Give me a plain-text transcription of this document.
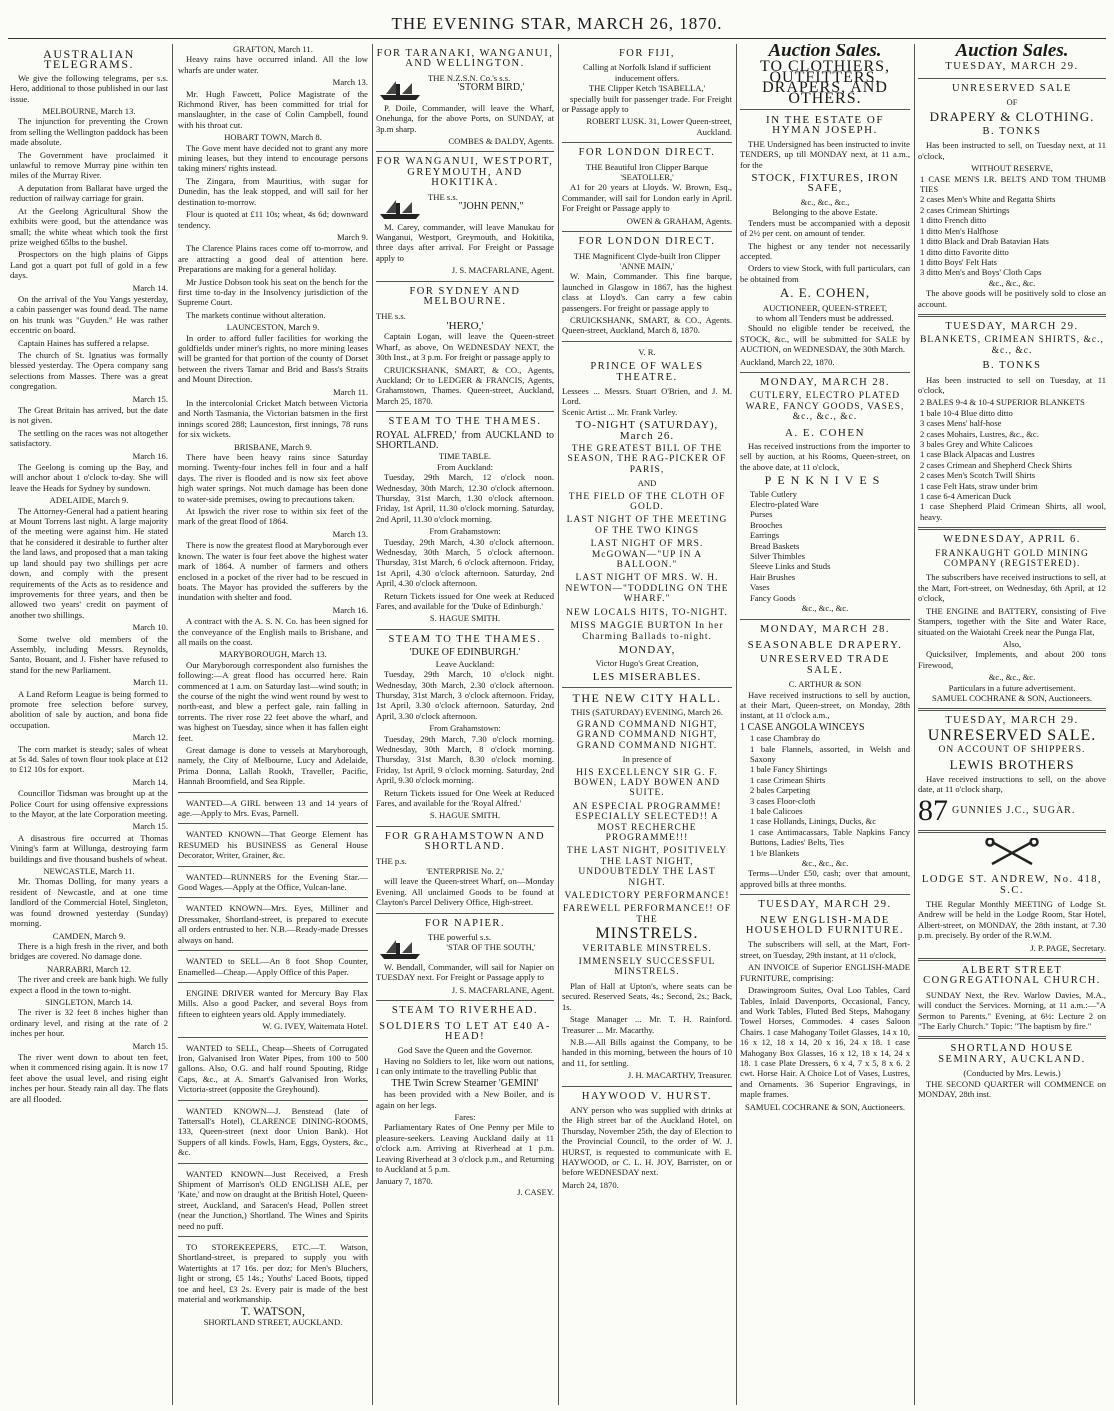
THE EVENING STAR, MARCH 26, 1870.
AUSTRALIAN TELEGRAMS.

We give the following telegrams, per s.s. Hero, additional to those published in our last issue.

MELBOURNE, March 13.

The injunction for preventing the Crown from selling the Wellington paddock has been made absolute.

The Government have proclaimed it unlawful to remove Murray pine within ten miles of the Murray River.

A deputation from Ballarat have urged the reduction of railway carriage for grain.

At the Geelong Agricultural Show the exhibits were good, but the attendance was small; the white wheat which took the first prize weighed 65lbs to the bushel.

Prospectors on the high plains of Gipps Land got a quart pot full of gold in a few days.

March 14.

On the arrival of the You Yangs yesterday, a cabin passenger was found dead. The name on his trunk was "Guyden." He was rather eccentric on board.

Captain Haines has suffered a relapse.

The church of St. Ignatius was formally blessed yesterday. The Opera company sang selections from Masses. There was a great congregation.

March 15.

The Great Britain has arrived, but the date is not given.

The settling on the races was not altogether satisfactory.

March 16.

The Geelong is coming up the Bay, and will anchor about 1 o'clock to-day. She will leave the Heads for Sydney by sundown.

ADELAIDE, March 9.

The Attorney-General had a patient hearing at Mount Torrens last night. A large majority of the meeting were against him. He stated that he considered it desirable to further alter the land laws, and proposed that a man taking up land should pay two shillings per acre down, and comply with the present requirements of the Acts as to residence and improvements for three years, and then be allowed two years' credit on payment of another two shillings.

March 10.

Some twelve old members of the Assembly, including Messrs. Reynolds, Santo, Bouant, and J. Fisher have refused to stand for the new Parliament.

March 11.

A Land Reform League is being formed to promote free selection before survey, abolition of sale by auction, and bona fide occupation.

March 12.

The corn market is steady; sales of wheat at 5s 4d. Sales of town flour took place at £12 to £12 10s for export.

March 14.

Councillor Tidsman was brought up at the Police Court for using offensive expressions to the Mayor, at the late Corporation meeting.

March 15.

A disastrous fire occurred at Thomas Vining's farm at Willunga, destroying farm buildings and five thousand bushels of wheat.

NEWCASTLE, March 11.

Mr. Thomas Dolling, for many years a resident of Newcastle, and at one time landlord of the Commercial Hotel, Singleton, was found drowned yesterday (Sunday) morning.

CAMDEN, March 9.

There is a high fresh in the river, and both bridges are covered. No damage done.

NARRABRI, March 12.

The river and creek are bank high. We fully expect a flood in the town to-night.

SINGLETON, March 14.

The river is 32 feet 8 inches higher than ordinary level, and rising at the rate of 2 inches per hour.

March 15.

The river went down to about ten feet, when it commenced rising again. It is now 17 feet above the usual level, and rising eight inches per hour. Steady rain all day. The flats are all flooded.

GRAFTON, March 11.

Heavy rains have occurred inland. All the low wharfs are under water.

March 13.

Mr. Hugh Fawcett, Police Magistrate of the Richmond River, has been committed for trial for manslaughter, in the case of Colin Campbell, found with his throat cut.

HOBART TOWN, March 8.

The Gove ment have decided not to grant any more mining leases, but they intend to encourage persons taking miners' rights instead.

The Zingara, from Mauritius, with sugar for Dunedin, has the leak stopped, and will sail for her destination to-morrow.

Flour is quoted at £11 10s; wheat, 4s 6d; downward tendency.

March 9.

The Clarence Plains races come off to-morrow, and are attracting a good deal of attention here. Preparations are making for a general holiday.

Mr Justice Dobson took his seat on the bench for the first time to-day in the Insolvency jurisdiction of the Supreme Court.

The markets continue without alteration.

LAUNCESTON, March 9.

In order to afford fuller facilities for working the goldfields under miner's rights, no more mining leases will be granted for that portion of the county of Dorset between the rivers Tamar and Brid and Bass's Straits and Mount Direction.

March 11.

In the intercolonial Cricket Match between Victoria and North Tasmania, the Victorian batsmen in the first innings scored 288; Launceston, first innings, 78 runs for six wickets.

BRISBANE, March 9.

There have been heavy rains since Saturday morning. Twenty-four inches fell in four and a half days. The river is flooded and is now six feet above high water springs. Not much damage has been done to water-side premises, owing to precautions taken.

At Ipswich the river rose to within six feet of the mark of the great flood of 1864.

March 13.

There is now the greatest flood at Maryborough ever known. The water is four feet above the highest water mark of 1864. A number of farmers and others enclosed in a pocket of the river had to be rescued in boats. The Mayor has provided the sufferers by the inundation with shelter and food.

March 16.

A contract with the A. S. N. Co. has been signed for the conveyance of the English mails to Brisbane, and all mails on the coast.

MARYBOROUGH, March 13.

Our Maryborough correspondent also furnishes the following:—A great flood has occurred here. Rain commenced at 1 a.m. on Saturday last—wind south; in the course of the night the wind went round by west to north-east, and blew a perfect gale, rain falling in torrents. The river rose 22 feet above the wharf, and was highest on Tuesday, since when it has fallen eight feet.

Great damage is done to vessels at Maryborough, namely, the City of Melbourne, Lucy and Adelaide, Prima Donna, Lallah Rookh, Traveller, Pacific, Hannah Broomfield, and Sea Ripple.

WANTED—A GIRL between 13 and 14 years of age.—Apply to Mrs. Evas, Parnell.

WANTED KNOWN—That George Element has RESUMED his BUSINESS as General House Decorator, Writer, Grainer, &c.

WANTED—RUNNERS for the Evening Star.—Good Wages.—Apply at the Office, Vulcan-lane.

WANTED KNOWN—Mrs. Eyes, Milliner and Dressmaker, Shortland-street, is prepared to execute all orders entrusted to her. N.B.—Ready-made Dresses always on hand.

WANTED to SELL—An 8 foot Shop Counter, Enamelled—Cheap.—Apply Office of this Paper.

ENGINE DRIVER wanted for Mercury Bay Flax Mills. Also a good Packer, and several Boys from fifteen to eighteen years old. Apply immediately.

W. G. IVEY, Waitemata Hotel.

WANTED to SELL, Cheap—Sheets of Corrugated Iron, Galvanised Iron Water Pipes, from 100 to 500 gallons. Also, O.G. and half round Spouting, Ridge Caps, &c., at A. Smart's Galvanised Iron Works, Victoria-street (opposite the Greyhound).

WANTED KNOWN—J. Benstead (late of Tattersall's Hotel), CLARENCE DINING-ROOMS, 133, Queen-street (next door Union Bank). Hot Suppers of all kinds. Fowls, Ham, Eggs, Oysters, &c., &c.

WANTED KNOWN—Just Received, a Fresh Shipment of Marrison's OLD ENGLISH ALE, per 'Kate,' and now on draught at the British Hotel, Queen-street, Auckland, and Saracen's Head, Pollen street (near the Junction,) Shortland. The Wines and Spirits need no puff.

TO STOREKEEPERS, ETC.—T. Watson, Shortland-street, is prepared to supply you with Watertights at 17 16s. per doz; for Men's Bluchers, light or strong, £5 14s.; Youths' Laced Boots, tipped toe and heel, £3 2s. Every pair is made of the best material and workmanship.

T. WATSON,
SHORTLAND STREET, AUCKLAND.
FOR TARANAKI, WANGANUI, AND WELLINGTON.
THE N.Z.S.N. Co.'s s.s.
'STORM BIRD,'

P. Doile, Commander, will leave the Wharf, Onehunga, for the above Ports, on SUNDAY, at 3p.m sharp.

COMBES & DALDY, Agents.
FOR WANGANUI, WESTPORT, GREYMOUTH, AND HOKITIKA.
THE s.s.
"JOHN PENN,"

M. Carey, commander, will leave Manukau for Wanganui, Westport, Greymouth, and Hokitika, three days after arrival. For Freight or Passage apply to

J. S. MACFARLANE, Agent.
FOR SYDNEY AND MELBOURNE.
THE s.s.
'HERO,'

Captain Logan, will leave the Queen-street Wharf, as above, On WEDNESDAY NEXT, the 30th Inst., at 3 p.m. For freight or passage apply to

CRUICKSHANK, SMART, & CO., Agents, Auckland; Or to LEDGER & FRANCIS, Agents, Grahamstown, Thames. Queen-street, Auckland, March 25, 1870.

STEAM TO THE THAMES.
ROYAL ALFRED,' from AUCKLAND to SHORTLAND.
TIME TABLE.
From Auckland:

Tuesday, 29th March, 12 o'clock noon. Wednesday, 30th March, 12.30 o'clock afternoon. Thursday, 31st March, 1.30 o'clock afternoon. Friday, 1st April, 11.30 o'clock morning. Saturday, 2nd April, 11.30 o'clock morning.

From Grahamstown:

Tuesday, 29th March, 4.30 o'clock afternoon. Wednesday, 30th March, 5 o'clock afternoon. Thursday, 31st March, 6 o'clock afternoon. Friday, 1st April, 4.30 o'clock afternoon. Saturday, 2nd April, 4.30 o'clock afternoon.

Return Tickets issued for One week at Reduced Fares, and available for the 'Duke of Edinburgh.'

S. HAGUE SMITH.
STEAM TO THE THAMES.
'DUKE OF EDINBURGH.'
Leave Auckland:

Tuesday, 29th March, 10 o'clock night. Wednesday, 30th March, 2.30 o'clock afternoon. Thursday, 31st March, 3 o'clock afternoon. Friday, 1st April, 3.30 o'clock afternoon. Saturday, 2nd April, 3.30 o'clock afternoon.

From Grahamstown:

Tuesday, 29th March, 7.30 o'clock morning. Wednesday, 30th March, 8 o'clock morning. Thursday, 31st March, 8.30 o'clock morning. Friday, 1st April, 9 o'clock morning. Saturday, 2nd April, 9.30 o'clock morning.

Return Tickets issued for One Week at Reduced Fares, and available for the 'Royal Alfred.'

S. HAGUE SMITH.
FOR GRAHAMSTOWN AND SHORTLAND.
THE p.s.
'ENTERPRISE No. 2,'

will leave the Queen-street Wharf, on—Monday Evening. All unclaimed Goods to be found at Clayton's Parcel Delivery Office, High-street.

FOR NAPIER.
THE powerful s.s.
'STAR OF THE SOUTH,'

W. Bendall, Commander, will sail for Napier on TUESDAY next. For Freight or Passage apply to

J. S. MACFARLANE, Agent.
STEAM TO RIVERHEAD.
SOLDIERS TO LET AT £40 A-HEAD!
God Save the Queen and the Governor.

Having no Soldiers to let, like worn out nations, I can only intimate to the travelling Public that

THE Twin Screw Steamer 'GEMINI'

has been provided with a New Boiler, and is again on her legs.

Fares:

Parliamentary Rates of One Penny per Mile to pleasure-seekers. Leaving Auckland daily at 11 o'clock a.m. Arriving at Riverhead at 1 p.m. Leaving Riverhead at 3 o'clock p.m., and Returning to Auckland at 5 p.m.

January 7, 1870.
J. CASEY.
FOR FIJI,
Calling at Norfolk Island if sufficient inducement offers.
THE Clipper Ketch 'ISABELLA,'

specially built for passenger trade. For Freight or Passage apply to

ROBERT LUSK. 31, Lower Queen-street, Auckland.
FOR LONDON DIRECT.
THE Beautiful Iron Clipper Barque
'SEATOLLER,'

A1 for 20 years at Lloyds. W. Brown, Esq., Commander, will sail for London early in April. For Freight or Passage apply to

OWEN & GRAHAM, Agents.
FOR LONDON DIRECT.
THE Magnificent Clyde-built Iron Clipper
'ANNE MAIN,'

W. Main, Commander. This fine barque, launched in Glasgow in 1867, has the highest class at Lloyd's. Can carry a few cabin passengers. For freight or passage apply to

CRUICKSHANK, SMART, & CO., Agents. Queen-street, Auckland, March 8, 1870.

V. R.
PRINCE OF WALES THEATRE.
Lessees ... Messrs. Stuart O'Brien, and J. M. Lord.
Scenic Artist ... Mr. Frank Varley.
TO-NIGHT (SATURDAY), March 26.
THE GREATEST BILL OF THE SEASON, THE RAG-PICKER OF PARIS,
AND
THE FIELD OF THE CLOTH OF GOLD.
LAST NIGHT OF THE MEETING OF THE TWO KINGS
LAST NIGHT OF MRS. McGOWAN—"UP IN A BALLOON."
LAST NIGHT OF MRS. W. H. NEWTON—"TODDLING ON THE WHARF."
NEW LOCALS HITS, TO-NIGHT.
MISS MAGGIE BURTON In her Charming Ballads to-night.
MONDAY,
Victor Hugo's Great Creation,
LES MISERABLES.
THE NEW CITY HALL.
THIS (SATURDAY) EVENING, March 26.
GRAND COMMAND NIGHT, GRAND COMMAND NIGHT, GRAND COMMAND NIGHT.
In presence of
HIS EXCELLENCY SIR G. F. BOWEN, LADY BOWEN AND SUITE.
AN ESPECIAL PROGRAMME! ESPECIALLY SELECTED!! A MOST RECHERCHE PROGRAMME!!!
THE LAST NIGHT, POSITIVELY THE LAST NIGHT, UNDOUBTEDLY THE LAST NIGHT.
VALEDICTORY PERFORMANCE!
FAREWELL PERFORMANCE!! OF THE
MINSTRELS.
VERITABLE MINSTRELS.
IMMENSELY SUCCESSFUL MINSTRELS.

Plan of Hall at Upton's, where seats can be secured. Reserved Seats, 4s.; Second, 2s.; Back, 1s.

Stage Manager ... Mr. T. H. Rainford. Treasurer ... Mr. Macarthy.

N.B.—All Bills against the Company, to be handed in this morning, between the hours of 10 and 11, for settling.

J. H. MACARTHY, Treasurer.
HAYWOOD V. HURST.

ANY person who was supplied with drinks at the High street bar of the Auckland Hotel, on Thursday, November 25th, the day of Election to the Provincial Council, to the order of W. J. HURST, is requested to communicate with E. HAYWOOD, or C. L. H. JOY, Barrister, on or before WEDNESDAY next.

March 24, 1870.
Auction Sales.
TO CLOTHIERS, OUTFITTERS, DRAPERS, AND OTHERS.
IN THE ESTATE OF HYMAN JOSEPH.

THE Undersigned has been instructed to invite TENDERS, up till MONDAY next, at 11 a.m., for the

STOCK, FIXTURES, IRON SAFE,
&c., &c., &c.,
Belonging to the above Estate.

Tenders must be accompanied with a deposit of 2½ per cent. on amount of tender.

The highest or any tender not necessarily accepted.

Orders to view Stock, with full particulars, can be obtained from

A. E. COHEN,
AUCTIONEER, QUEEN-STREET,
to whom all Tenders must be addressed.

Should no eligible tender be received, the STOCK, &c., will be submitted for SALE by AUCTION, on WEDNESDAY, the 30th March.

Auckland, March 22, 1870.
MONDAY, MARCH 28.
CUTLERY, ELECTRO PLATED WARE, FANCY GOODS, VASES, &c., &c., &c.
A. E. COHEN

Has received instructions from the importer to sell by auction, at his Rooms, Queen-street, on the above date, at 11 o'clock,

PENKNIVES
Table Cutlery
Electro-plated Ware
Purses
Brooches
Earrings
Bread Baskets
Silver Thimbles
Sleeve Links and Studs
Hair Brushes
Vases
Fancy Goods
&c., &c., &c.
MONDAY, MARCH 28.
SEASONABLE DRAPERY.
UNRESERVED TRADE SALE.
C. ARTHUR & SON

Have received instructions to sell by auction, at their Mart, Queen-street, on Monday, 28th instant, at 11 o'clock a.m.,

1 CASE ANGOLA WINCEYS
1 case Chambray do
1 bale Flannels, assorted, in Welsh and Saxony
1 bale Fancy Shirtings
1 case Crimean Shirts
2 bales Carpeting
3 cases Floor-cloth
1 bale Calicoes
1 case Hollands, Linings, Ducks, &c
1 case Antimacassars, Table Napkins Fancy Buttons, Ladies' Belts, Ties
1 b/e Blankets
&c., &c., &c.

Terms—Under £50, cash; over that amount, approved bills at three months.

TUESDAY, MARCH 29.
NEW ENGLISH-MADE HOUSEHOLD FURNITURE.

The subscribers will sell, at the Mart, Fort-street, on Tuesday, 29th instant, at 11 o'clock,

AN INVOICE of Superior ENGLISH-MADE FURNITURE, comprising:

Drawingroom Suites, Oval Loo Tables, Card Tables, Inlaid Davenports, Occasional, Fancy, and Work Tables, Fluted Bed Steps, Mahogany Towel Horses, Commodes. 4 cases Saloon Chairs. 1 case Mahogany Toilet Glasses, 14 x 10, 16 x 12, 18 x 14, 20 x 16, 24 x 18. 1 case Mahogany Box Glasses, 16 x 12, 18 x 14, 24 x 18. 1 case Plate Dressers, 6 x 4, 7 x 5, 8 x 6. 2 cwt. Horse Hair. A Choice Lot of Vases, Lustres, and Ornaments. 36 Superior Engravings, in maple frames.

SAMUEL COCHRANE & SON, Auctioneers.
Auction Sales.
TUESDAY, MARCH 29.
UNRESERVED SALE
OF
DRAPERY & CLOTHING.
B. TONKS

Has been instructed to sell, on Tuesday next, at 11 o'clock,

WITHOUT RESERVE,
1 CASE MEN'S I.R. BELTS AND TOM THUMB TIES
2 cases Men's White and Regatta Shirts
2 cases Crimean Shirtings
1 ditto French ditto
1 ditto Men's Halfhose
1 ditto Black and Drab Batavian Hats
1 ditto ditto Favorite ditto
1 ditto Boys' Felt Hats
3 ditto Men's and Boys' Cloth Caps
&c., &c., &c.

The above goods will be positively sold to close an account.

TUESDAY, MARCH 29.
BLANKETS, CRIMEAN SHIRTS, &c., &c., &c.
B. TONKS

Has been instructed to sell on Tuesday, at 11 o'clock,

2 BALES 9-4 & 10-4 SUPERIOR BLANKETS
1 bale 10-4 Blue ditto ditto
3 cases Mens' half-hose
2 cases Mohairs, Lustres, &c., &c.
3 bales Grey and White Calicoes
1 case Black Alpacas and Lustres
2 cases Crimean and Shepherd Check Shirts
2 cases Men's Scotch Twill Shirts
1 case Felt Hats, straw under brim
1 case 6-4 American Duck
1 case Shepherd Plaid Crimean Shirts, all wool, heavy.
WEDNESDAY, APRIL 6.
FRANKAUGHT GOLD MINING COMPANY (REGISTERED).

The subscribers have received instructions to sell, at the Mart, Fort-street, on Wednesday, 6th April, at 12 o'clock,

THE ENGINE and BATTERY, consisting of Five Stampers, together with the Site and Water Race, situated on the Waiotahi Creek near the Punga Flat,

Also,

Quicksilver, Implements, and about 200 tons Firewood,

&c., &c., &c.
Particulars in a future advertisement.
SAMUEL COCHRANE & SON, Auctioneers.
TUESDAY, MARCH 29.
UNRESERVED SALE.
ON ACCOUNT OF SHIPPERS.
LEWIS BROTHERS

Have received instructions to sell, on the above date, at 11 o'clock sharp,

87 GUNNIES J.C., SUGAR.
LODGE ST. ANDREW, No. 418, S.C.

THE Regular Monthly MEETING of Lodge St. Andrew will be held in the Lodge Room, Star Hotel, Albert-street, on MONDAY, the 28th instant, at 7.30 p.m. precisely. By order of the R.W.M.

J. P. PAGE, Secretary.
ALBERT STREET CONGREGATIONAL CHURCH.

SUNDAY Next, the Rev. Warlow Davies, M.A., will conduct the Services. Morning, at 11 a.m.:—"A Sermon to Parents." Evening, at 6½: Lecture 2 on "The Early Church." Topic: "The baptism by fire."

SHORTLAND HOUSE SEMINARY, AUCKLAND.
(Conducted by Mrs. Lewis.)

THE SECOND QUARTER will COMMENCE on MONDAY, 28th inst.
